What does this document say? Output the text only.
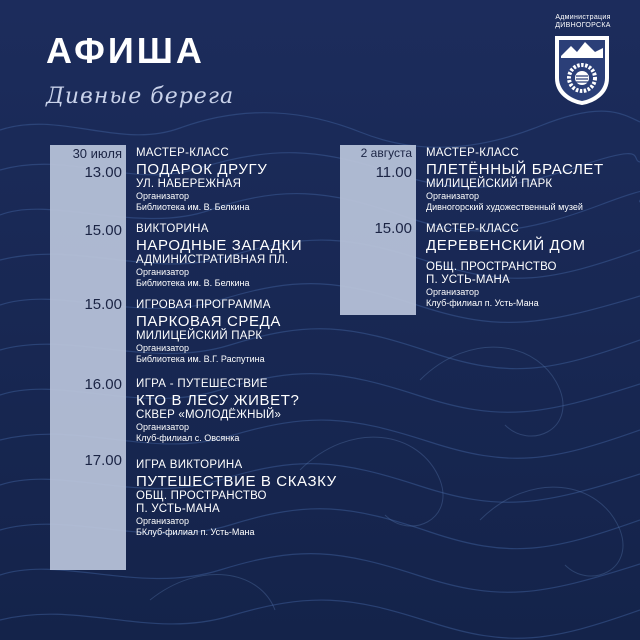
АФИША
Дивные берега
Администрация
ДИВНОГОРСКА
30 июля
13.00
МАСТЕР-КЛАСС
ПОДАРОК ДРУГУ
УЛ. НАБЕРЕЖНАЯ
Организатор
Библиотека им. В. Белкина
15.00 ВИКТОРИНА
НАРОДНЫЕ ЗАГАДКИ
АДМИНИСТРАТИВНАЯ ПЛ.
Организатор
Библиотека им. В. Белкина
15.00 ИГРОВАЯ ПРОГРАММА
ПАРКОВАЯ СРЕДА
МИЛИЦЕЙСКИЙ ПАРК
Организатор
Библиотека им. В.Г. Распутина
16.00 ИГРА - ПУТЕШЕСТВИЕ
КТО В ЛЕСУ ЖИВЕТ?
СКВЕР «МОЛОДЁЖНЫЙ»
Организатор
Клуб-филиал с. Овсянка
17.00 ИГРА ВИКТОРИНА
ПУТЕШЕСТВИЕ В СКАЗКУ
ОБЩ. ПРОСТРАНСТВО
П. УСТЬ-МАНА
Организатор
БКлуб-филиал п. Усть-Мана
2 августа
11.00
МАСТЕР-КЛАСС
ПЛЕТЁННЫЙ БРАСЛЕТ
МИЛИЦЕЙСКИЙ ПАРК
Организатор
Дивногорский художественный музей
15.00 МАСТЕР-КЛАСС
ДЕРЕВЕНСКИЙ ДОМ
ОБЩ. ПРОСТРАНСТВО
П. УСТЬ-МАНА
Организатор
Клуб-филиал п. Усть-Мана
